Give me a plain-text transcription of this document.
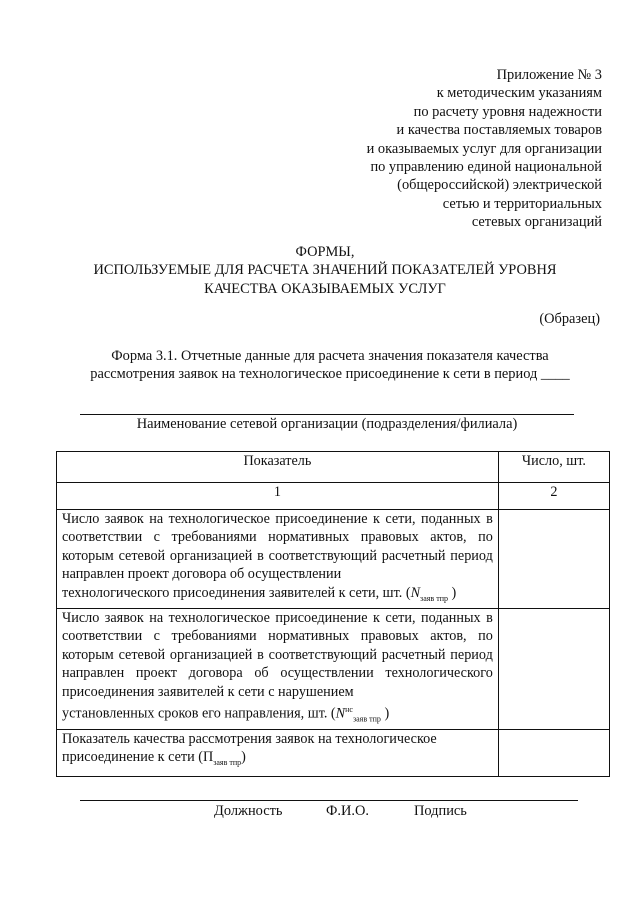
Приложение № 3
к методическим указаниям
по расчету уровня надежности
и качества поставляемых товаров
и оказываемых услуг для организации
по управлению единой национальной
(общероссийской) электрической
сетью и территориальных
сетевых организаций
ФОРМЫ,
ИСПОЛЬЗУЕМЫЕ ДЛЯ РАСЧЕТА ЗНАЧЕНИЙ ПОКАЗАТЕЛЕЙ УРОВНЯ
КАЧЕСТВА ОКАЗЫВАЕМЫХ УСЛУГ
(Образец)
Форма 3.1. Отчетные данные для расчета значения показателя качества
рассмотрения заявок на технологическое присоединение к сети в период ____
Наименование сетевой организации (подразделения/филиала)
Показатель	Число, шт.
1	2
Число заявок на технологическое присоединение к сети, поданных в соответствии с требованиями нормативных правовых актов, по которым сетевой организацией в соответствующий расчетный период направлен проект договора об осуществлении
технологического присоединения заявителей к сети, шт. ($N_{заяв тпр}$ )	

Число заявок на технологическое присоединение к сети, поданных в соответствии с требованиями нормативных правовых актов, по которым сетевой организацией в соответствующий расчетный период направлен проект договора об осуществлении технологического присоединения заявителей к сети с нарушением
установленных сроков его направления, шт. ($N^{нс}_{заяв тпр}$ )	

Показатель качества рассмотрения заявок на технологическое
присоединение к сети $(П_{заяв тпр})$	

Должность	Ф.И.О.	Подпись
